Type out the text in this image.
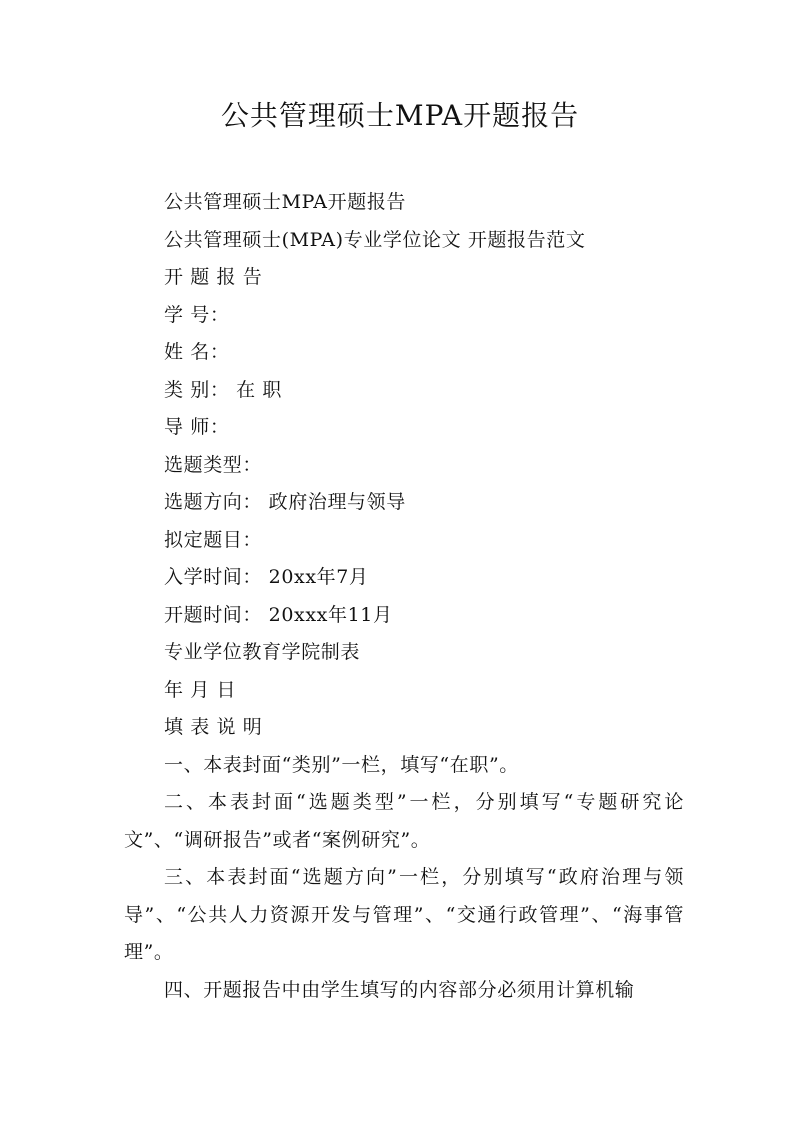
公共管理硕士MPA开题报告

公共管理硕士MPA开题报告

公共管理硕士(MPA)专业学位论文 开题报告范文

开 题 报 告

学 号：

姓 名：

类 别： 在 职

导 师：

选题类型：

选题方向： 政府治理与领导

拟定题目：

入学时间： 20xx年7月

开题时间： 20xxx年11月

专业学位教育学院制表

年 月 日

填 表 说 明

一、本表封面“类别”一栏，填写“在职”。

二、本表封面“选题类型”一栏，分别填写“专题研究论文”、“调研报告”或者“案例研究”。

三、本表封面“选题方向”一栏，分别填写“政府治理与领导”、“公共人力资源开发与管理”、“交通行政管理”、“海事管理”。

四、开题报告中由学生填写的内容部分必须用计算机输
